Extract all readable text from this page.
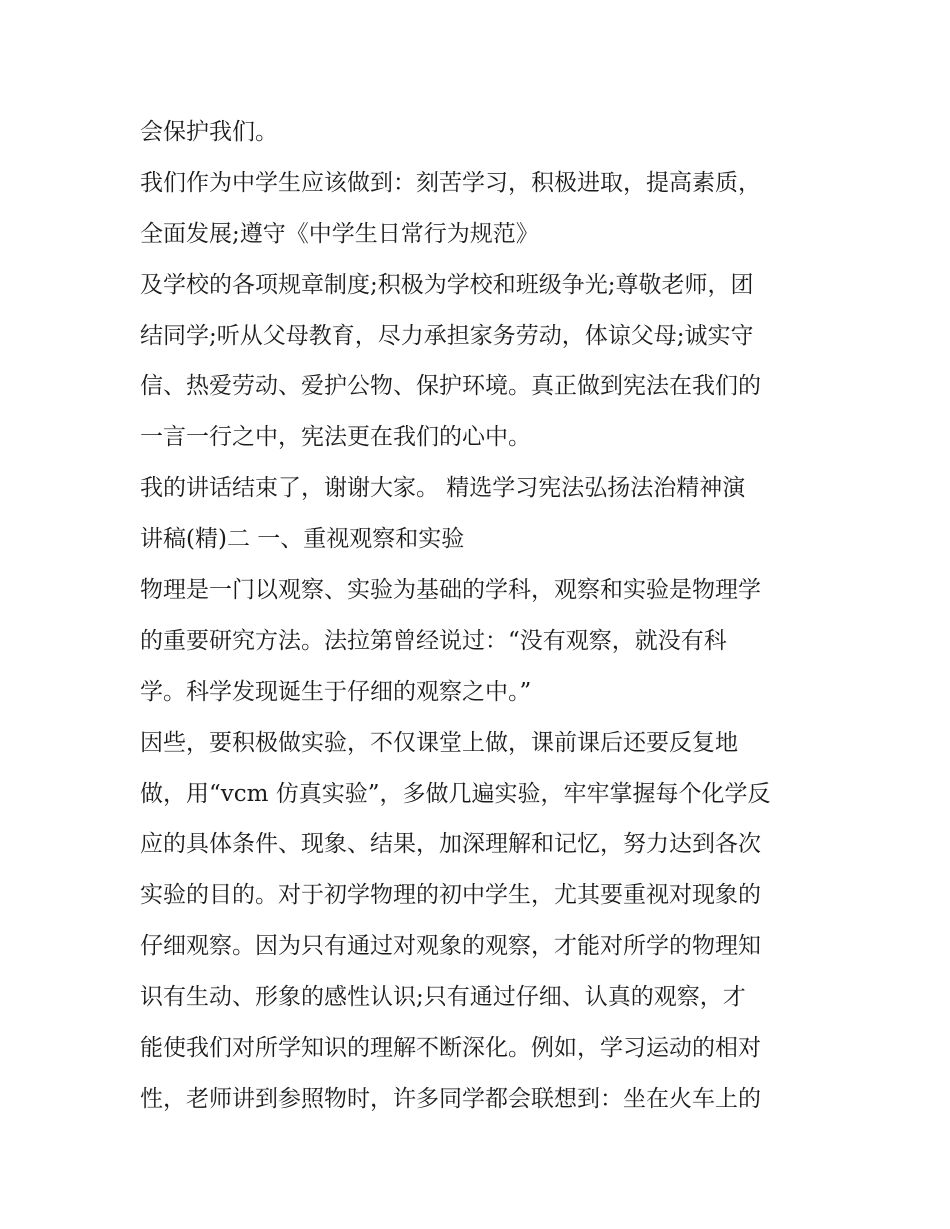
会保护我们。
我们作为中学生应该做到：刻苦学习，积极进取，提高素质，
全面发展;遵守《中学生日常行为规范》
及学校的各项规章制度;积极为学校和班级争光;尊敬老师，团
结同学;听从父母教育，尽力承担家务劳动，体谅父母;诚实守
信、热爱劳动、爱护公物、保护环境。真正做到宪法在我们的
一言一行之中，宪法更在我们的心中。
我的讲话结束了，谢谢大家。 精选学习宪法弘扬法治精神演
讲稿(精)二 一、重视观察和实验
物理是一门以观察、实验为基础的学科，观察和实验是物理学
的重要研究方法。法拉第曾经说过：“没有观察，就没有科
学。科学发现诞生于仔细的观察之中。”
因些，要积极做实验，不仅课堂上做，课前课后还要反复地
做，用“vcm 仿真实验”，多做几遍实验，牢牢掌握每个化学反
应的具体条件、现象、结果，加深理解和记忆，努力达到各次
实验的目的。对于初学物理的初中学生，尤其要重视对现象的
仔细观察。因为只有通过对观象的观察，才能对所学的物理知
识有生动、形象的感性认识;只有通过仔细、认真的观察，才
能使我们对所学知识的理解不断深化。例如，学习运动的相对
性，老师讲到参照物时，许多同学都会联想到：坐在火车上的
